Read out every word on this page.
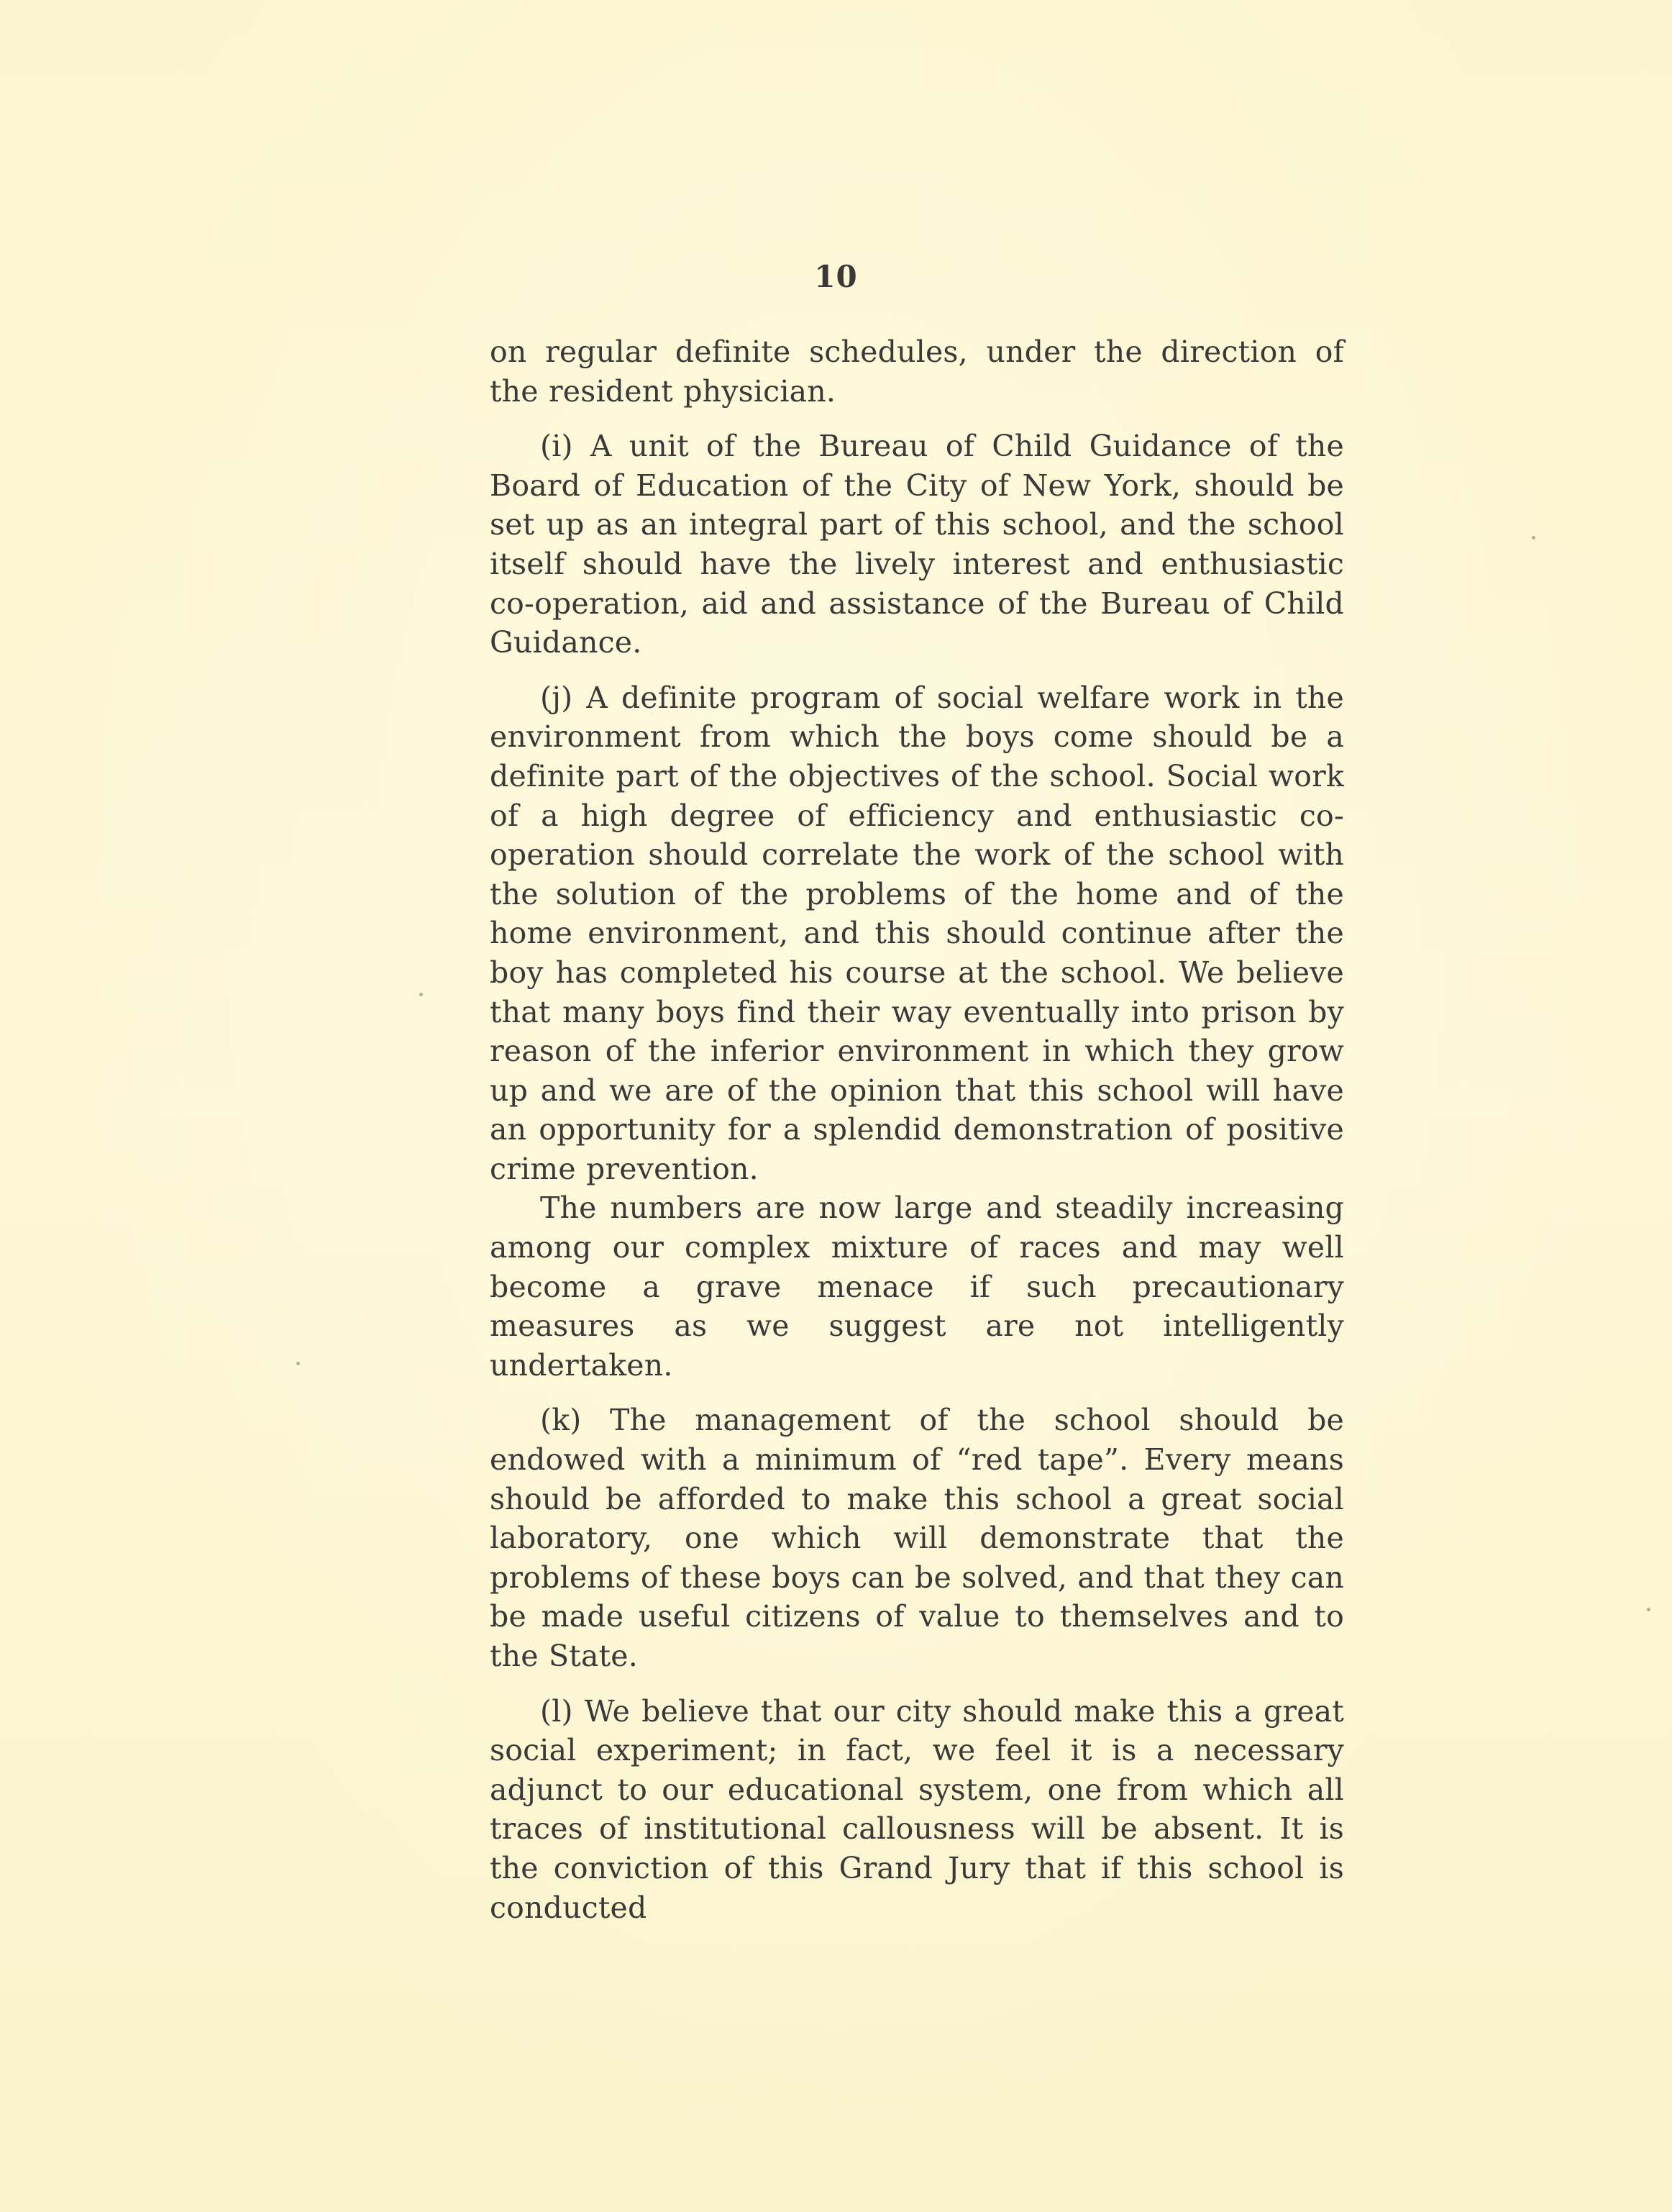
10

on regular definite schedules, under the direction of the resident physician.

(i) A unit of the Bureau of Child Guidance of the Board of Education of the City of New York, should be set up as an integral part of this school, and the school itself should have the lively interest and enthusiastic co-operation, aid and assistance of the Bureau of Child Guidance.

(j) A definite program of social welfare work in the environment from which the boys come should be a definite part of the objectives of the school. Social work of a high degree of efficiency and enthusiastic co-operation should correlate the work of the school with the solution of the problems of the home and of the home environment, and this should continue after the boy has completed his course at the school. We believe that many boys find their way eventually into prison by reason of the inferior environment in which they grow up and we are of the opinion that this school will have an opportunity for a splendid demonstration of positive crime prevention.

The numbers are now large and steadily increasing among our complex mixture of races and may well become a grave menace if such precautionary measures as we suggest are not intelligently undertaken.

(k) The management of the school should be endowed with a minimum of “red tape”. Every means should be afforded to make this school a great social laboratory, one which will demonstrate that the problems of these boys can be solved, and that they can be made useful citizens of value to themselves and to the State.

(l) We believe that our city should make this a great social experiment; in fact, we feel it is a necessary adjunct to our educational system, one from which all traces of institutional callousness will be absent. It is the conviction of this Grand Jury that if this school is conducted
